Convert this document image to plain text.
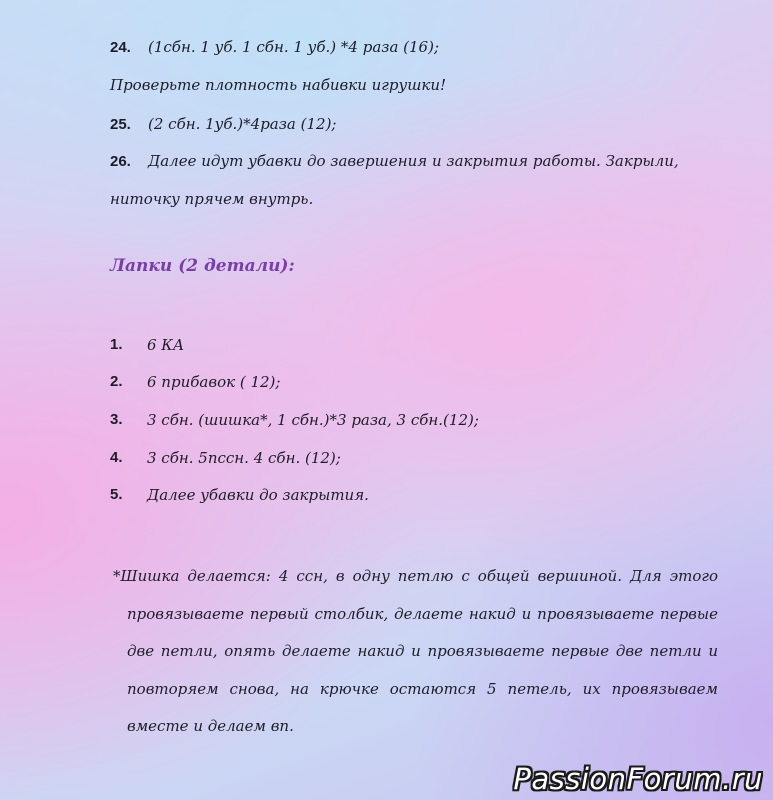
24. (1сбн. 1 уб. 1 сбн. 1 уб.) *4 раза (16);
Проверьте плотность набивки игрушки!
25. (2 сбн. 1уб.)*4раза (12);
26. Далее идут убавки до завершения и закрытия работы. Закрыли,
ниточку прячем внутрь.
Лапки (2 детали):
1. 6 КА
2. 6 прибавок ( 12);
3. 3 сбн. (шишка*, 1 сбн.)*3 раза, 3 сбн.(12);
4. 3 сбн. 5пссн. 4 сбн. (12);
5. Далее убавки до закрытия.

*Шишка делается: 4 ссн, в одну петлю с общей вершиной. Для этого провязываете первый столбик, делаете накид и провязываете первые две петли, опять делаете накид и провязываете первые две петли и повторяем снова, на крючке остаются 5 петель, их провязываем вместе и делаем вп.

PassionForum.ru
